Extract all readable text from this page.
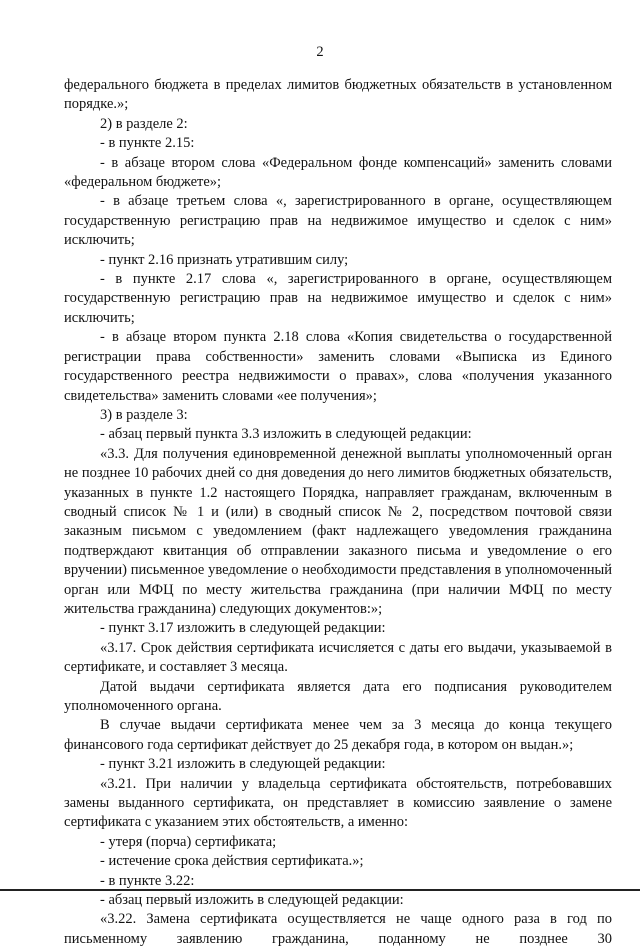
2

федерального бюджета в пределах лимитов бюджетных обязательств в установленном порядке.»;

2) в разделе 2:

- в пункте 2.15:

- в абзаце втором слова «Федеральном фонде компенсаций» заменить словами «федеральном бюджете»;

- в абзаце третьем слова «, зарегистрированного в органе, осуществляющем государственную регистрацию прав на недвижимое имущество и сделок с ним» исключить;

- пункт 2.16 признать утратившим силу;

- в пункте 2.17 слова «, зарегистрированного в органе, осуществляющем государственную регистрацию прав на недвижимое имущество и сделок с ним» исключить;

- в абзаце втором пункта 2.18 слова «Копия свидетельства о государственной регистрации права собственности» заменить словами «Выписка из Единого государственного реестра недвижимости о правах», слова «получения указанного свидетельства» заменить словами «ее получения»;

3) в разделе 3:

- абзац первый пункта 3.3 изложить в следующей редакции:

«3.3. Для получения единовременной денежной выплаты уполномоченный орган не позднее 10 рабочих дней со дня доведения до него лимитов бюджетных обязательств, указанных в пункте 1.2 настоящего Порядка, направляет гражданам, включенным в сводный список № 1 и (или) в сводный список № 2, посредством почтовой связи заказным письмом с уведомлением (факт надлежащего уведомления гражданина подтверждают квитанция об отправлении заказного письма и уведомление о его вручении) письменное уведомление о необходимости представления в уполномоченный орган или МФЦ по месту жительства гражданина (при наличии МФЦ по месту жительства гражданина) следующих документов:»;

- пункт 3.17 изложить в следующей редакции:

«3.17. Срок действия сертификата исчисляется с даты его выдачи, указываемой в сертификате, и составляет 3 месяца.

Датой выдачи сертификата является дата его подписания руководителем уполномоченного органа.

В случае выдачи сертификата менее чем за 3 месяца до конца текущего финансового года сертификат действует до 25 декабря года, в котором он выдан.»;

- пункт 3.21 изложить в следующей редакции:

«3.21. При наличии у владельца сертификата обстоятельств, потребовавших замены выданного сертификата, он представляет в комиссию заявление о замене сертификата с указанием этих обстоятельств, а именно:

- утеря (порча) сертификата;

- истечение срока действия сертификата.»;

- в пункте 3.22:

- абзац первый изложить в следующей редакции:

«3.22. Замена сертификата осуществляется не чаще одного раза в год по письменному заявлению гражданина, поданному не позднее 30
